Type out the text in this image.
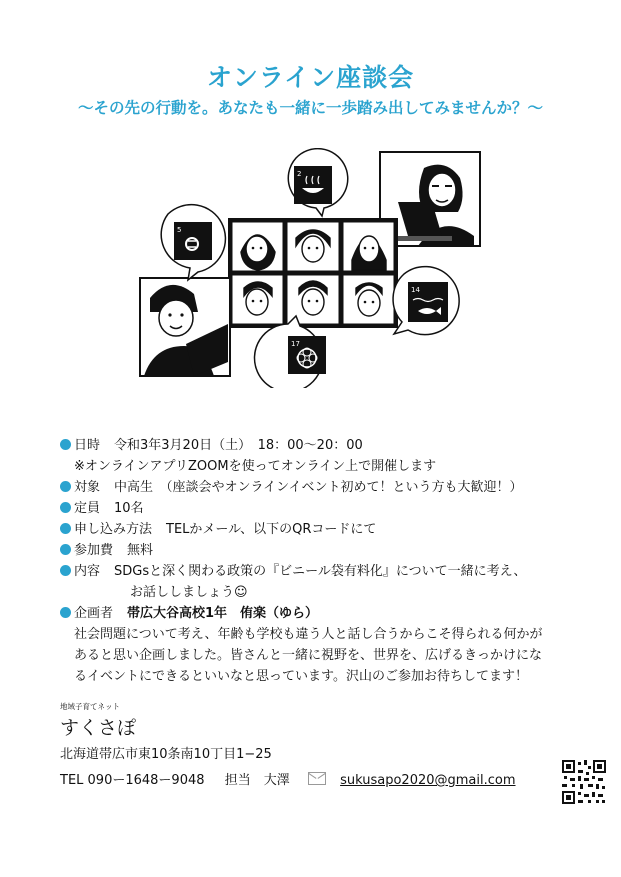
オンライン座談会
〜その先の行動を。あなたも一緒に一歩踏み出してみませんか？〜
5
2
14
17
日時 令和3年3月20日（土）　18：00〜20：00
※オンラインアプリZOOMを使ってオンライン上で開催します
対象 中高生　（座談会やオンラインイベント初めて！という方も大歓迎！）
定員 10名
申し込み方法 TELかメール、以下のQRコードにて
参加費 無料
内容 SDGsと深く関わる政策の『ビニール袋有料化』について一緒に考え、
お話ししましょう☺
企画者 帯広大谷高校1年　侑楽（ゆら）
社会問題について考え、年齢も学校も違う人と話し合うからこそ得られる何かが
あると思い企画しました。皆さんと一緒に視野を、世界を、広げるきっかけにな
るイベントにできるといいなと思っています。沢山のご参加お待ちしてます！
地域子育てネット
すくさぽ
北海道帯広市東10条南10丁目1−25
TEL 090ー1648ー9048 担当　大澤	sukusapo2020@gmail.com
